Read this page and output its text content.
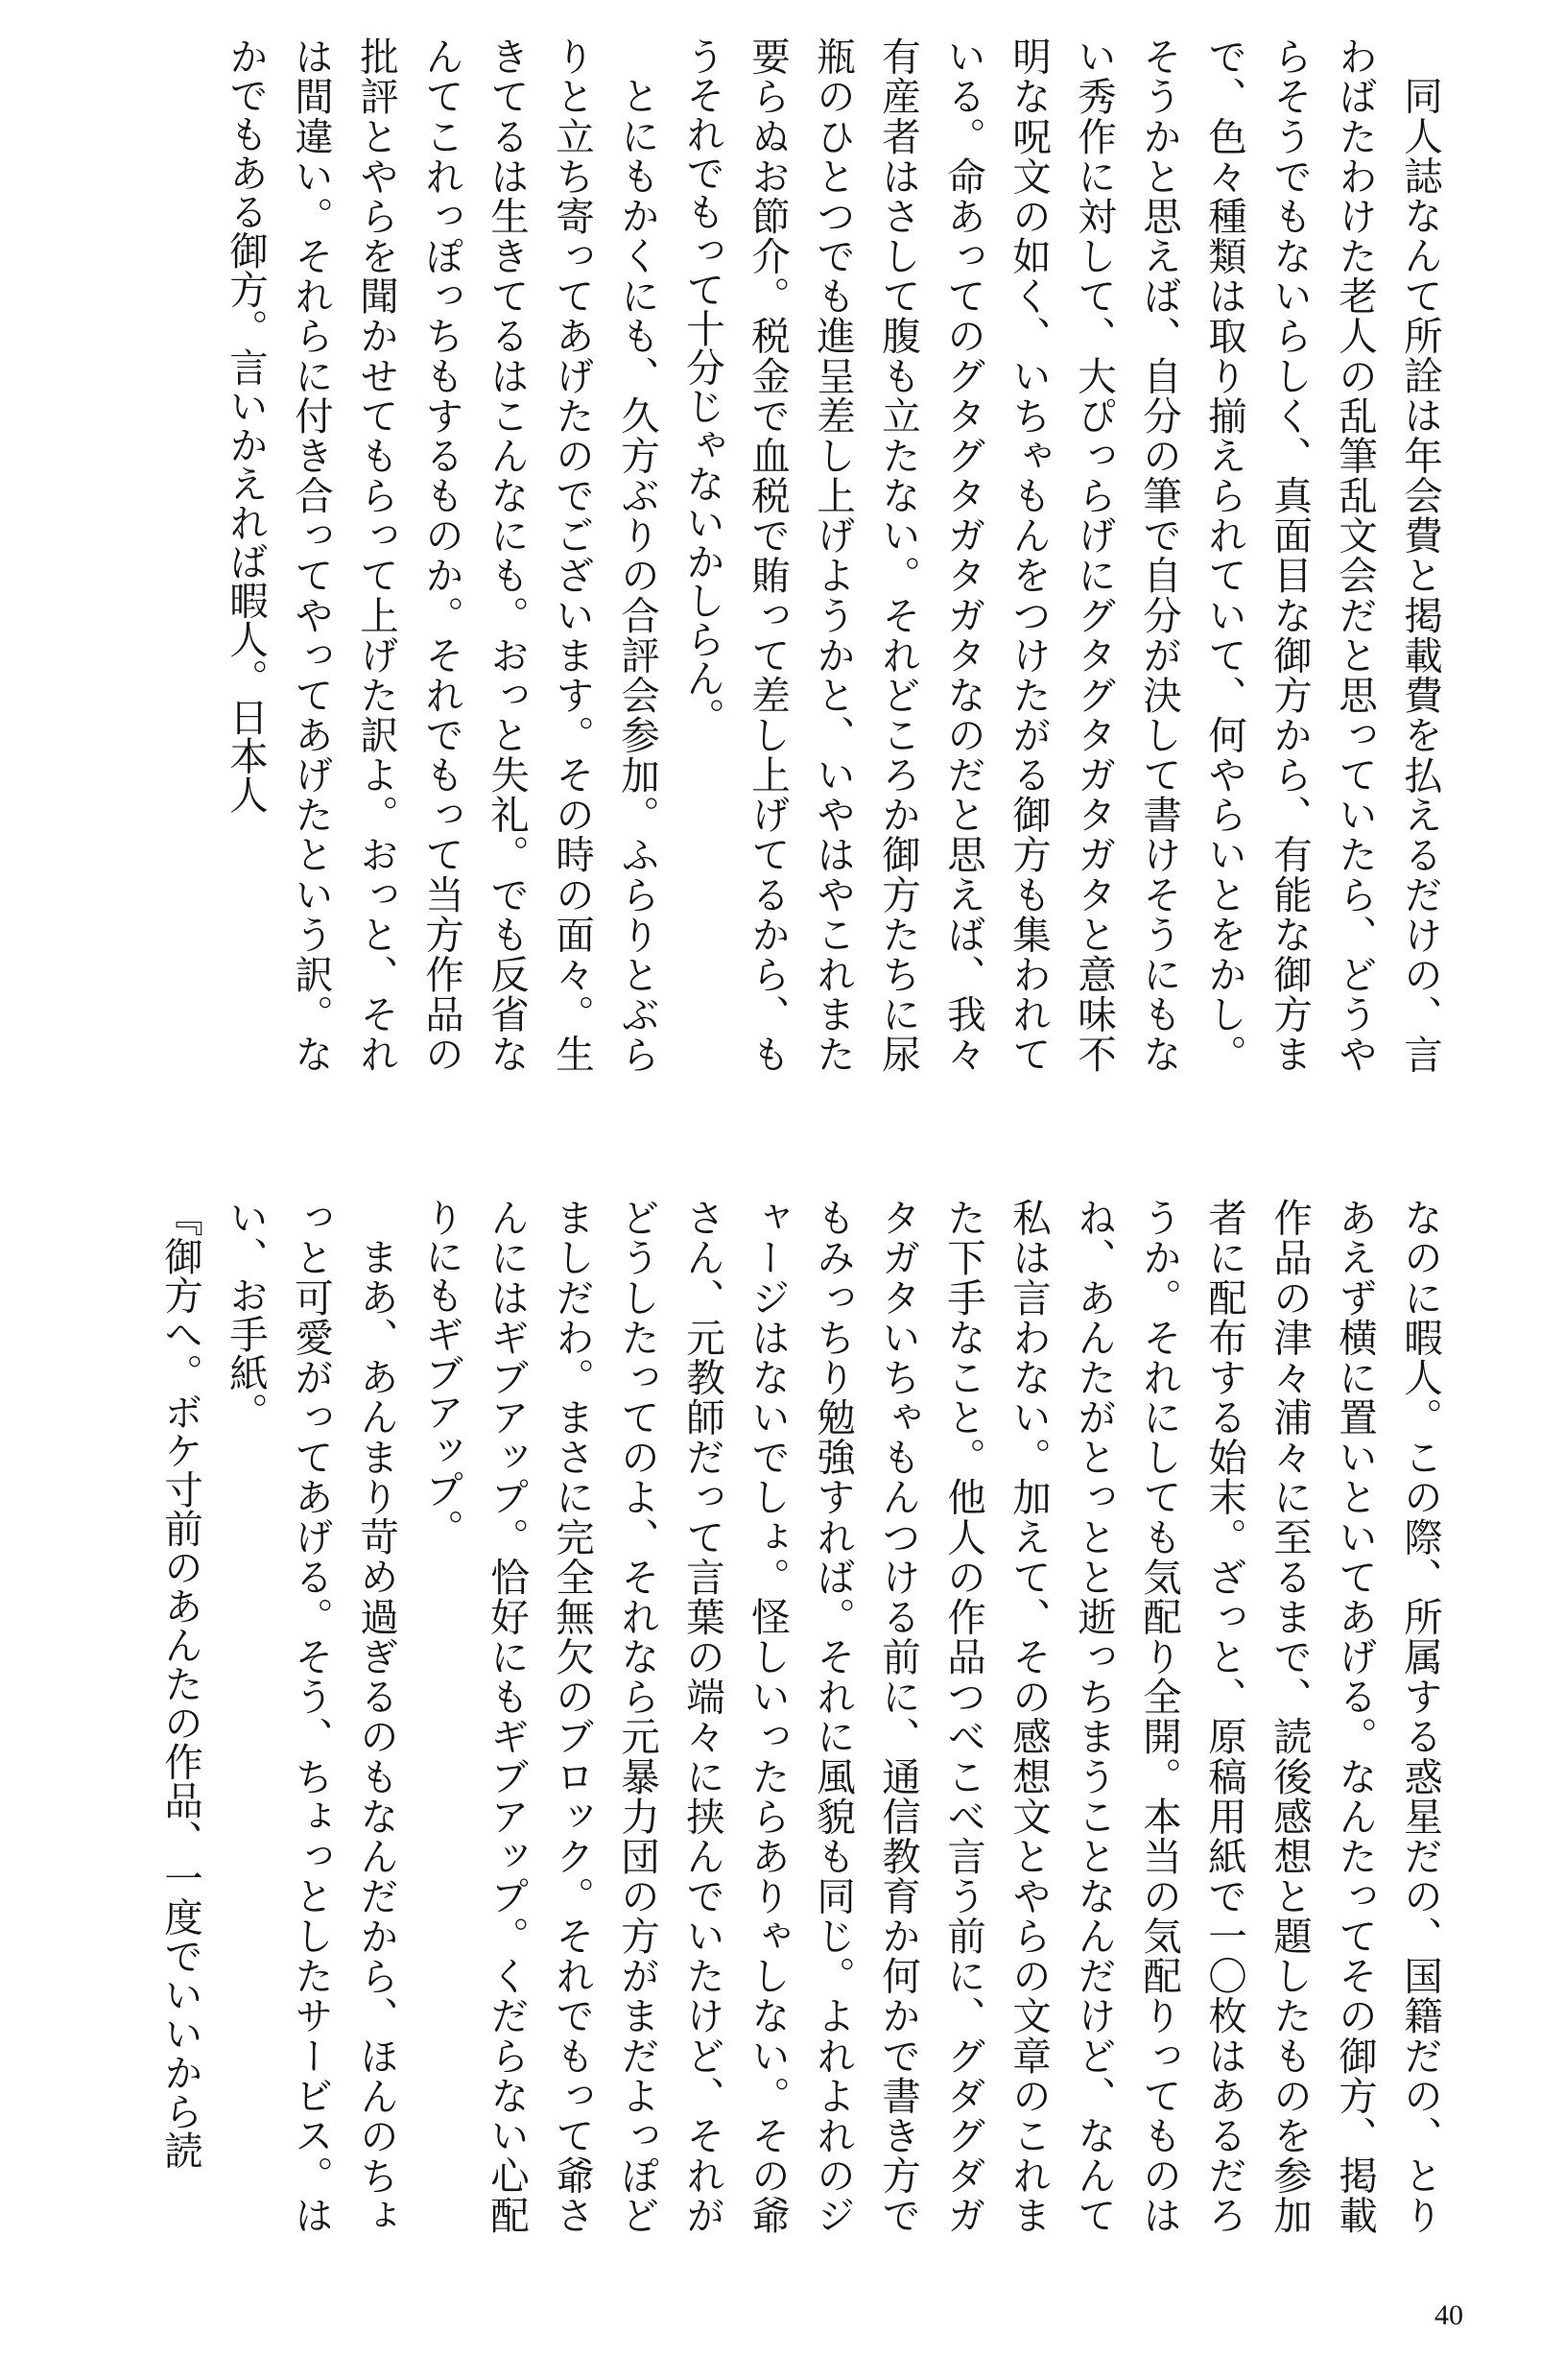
同人誌なんて所詮は年会費と掲載費を払えるだけの、言わばたわけた老人の乱筆乱文会だと思っていたら、どうやらそうでもないらしく、真面目な御方から、有能な御方まで、色々種類は取り揃えられていて、何やらいとをかし。そうかと思えば、自分の筆で自分が決して書けそうにもない秀作に対して、大ぴっらげにグタグタガタガタと意味不明な呪文の如く、いちゃもんをつけたがる御方も集われている。命あってのグタグタガタガタなのだと思えば、我々有産者はさして腹も立たない。それどころか御方たちに尿瓶のひとつでも進呈差し上げようかと、いやはやこれまた要らぬお節介。税金で血税で賄って差し上げてるから、もうそれでもって十分じゃないかしらん。

とにもかくにも、久方ぶりの合評会参加。ふらりとぶらりと立ち寄ってあげたのでございます。その時の面々。生きてるは生きてるはこんなにも。おっと失礼。でも反省なんてこれっぽっちもするものか。それでもって当方作品の批評とやらを聞かせてもらって上げた訳よ。おっと、それは間違い。それらに付き合ってやってあげたという訳。なかでもある御方。言いかえれば暇人。日本人

なのに暇人。この際、所属する惑星だの、国籍だの、とりあえず横に置いといてあげる。なんたってその御方、掲載作品の津々浦々に至るまで、読後感想と題したものを参加者に配布する始末。ざっと、原稿用紙で一〇枚はあるだろうか。それにしても気配り全開。本当の気配りってものはね、あんたがとっとと逝っちまうことなんだけど、なんて私は言わない。加えて、その感想文とやらの文章のこれまた下手なこと。他人の作品つべこべ言う前に、グダグダガタガタいちゃもんつける前に、通信教育か何かで書き方でもみっちり勉強すれば。それに風貌も同じ。よれよれのジャージはないでしょ。怪しいったらありゃしない。その爺さん、元教師だって言葉の端々に挟んでいたけど、それがどうしたってのよ、それなら元暴力団の方がまだよっぽどましだわ。まさに完全無欠のブロック。それでもって爺さんにはギブアップ。恰好にもギブアップ。くだらない心配りにもギブアップ。

まあ、あんまり苛め過ぎるのもなんだから、ほんのちょっと可愛がってあげる。そう、ちょっとしたサービス。はい、お手紙。

『御方へ。ボケ寸前のあんたの作品、一度でいいから読

40
